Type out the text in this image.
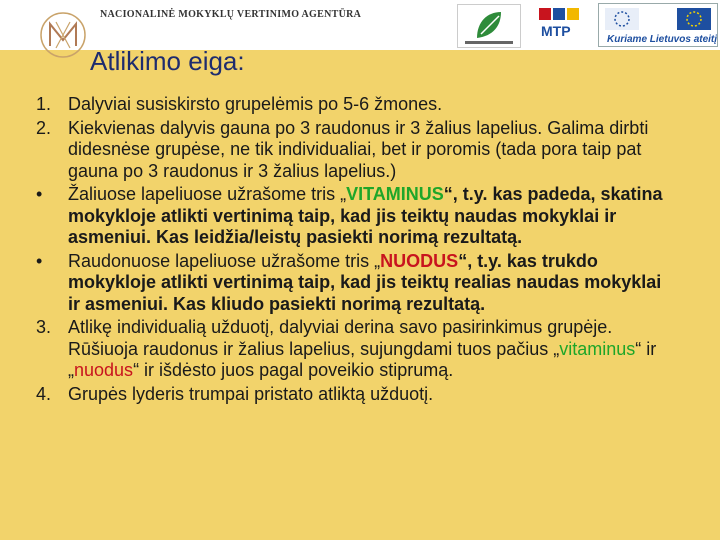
NACIONALINĖ MOKYKLŲ VERTINIMO AGENTŪRA
MTP
Kuriame Lietuvos ateitį
Atlikimo eiga:
1. Dalyviai susiskirsto grupelėmis po 5-6 žmones.
2. Kiekvienas dalyvis gauna po 3 raudonus ir 3 žalius lapelius. Galima dirbti didesnėse grupėse, ne tik individualiai, bet ir poromis (tada pora taip pat gauna po 3 raudonus ir 3 žalius lapelius.)
•	Žaliuose lapeliuose užrašome tris „VITAMINUS“, t.y. kas padeda, skatina mokykloje atlikti vertinimą taip, kad jis teiktų naudas mokyklai ir asmeniui. Kas leidžia/leistų pasiekti norimą rezultatą.
•	Raudonuose lapeliuose užrašome tris „NUODUS“, t.y. kas trukdo mokykloje atlikti vertinimą taip, kad jis teiktų realias naudas mokyklai ir asmeniui. Kas kliudo pasiekti norimą rezultatą.
3. Atlikę individualią užduotį, dalyviai derina savo pasirinkimus grupėje. Rūšiuoja raudonus ir žalius lapelius, sujungdami tuos pačius „vitaminus“ ir „nuodus“ ir išdėsto juos pagal poveikio stiprumą.
4. Grupės lyderis trumpai pristato atliktą užduotį.
